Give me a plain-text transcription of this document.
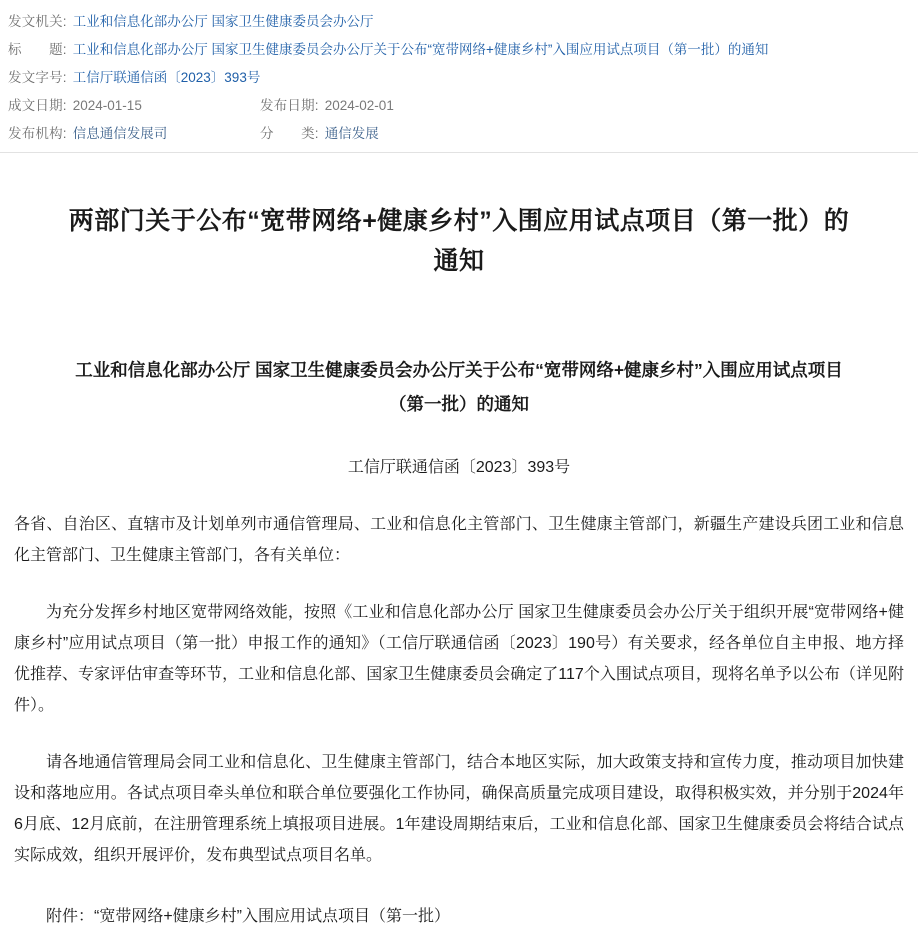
发文机关: 工业和信息化部办公厅 国家卫生健康委员会办公厅
标　　题: 工业和信息化部办公厅 国家卫生健康委员会办公厅关于公布“宽带网络+健康乡村”入围应用试点项目（第一批）的通知
发文字号: 工信厅联通信函〔2023〕393号
成文日期: 2024-01-15	发布日期: 2024-02-01
发布机构: 信息通信发展司	分　　类: 通信发展
两部门关于公布“宽带网络+健康乡村”入围应用试点项目（第一批）的通知
工业和信息化部办公厅 国家卫生健康委员会办公厅关于公布“宽带网络+健康乡村”入围应用试点项目（第一批）的通知
工信厅联通信函〔2023〕393号

各省、自治区、直辖市及计划单列市通信管理局、工业和信息化主管部门、卫生健康主管部门，新疆生产建设兵团工业和信息化主管部门、卫生健康主管部门，各有关单位：

为充分发挥乡村地区宽带网络效能，按照《工业和信息化部办公厅 国家卫生健康委员会办公厅关于组织开展“宽带网络+健康乡村”应用试点项目（第一批）申报工作的通知》（工信厅联通信函〔2023〕190号）有关要求，经各单位自主申报、地方择优推荐、专家评估审查等环节，工业和信息化部、国家卫生健康委员会确定了117个入围试点项目，现将名单予以公布（详见附件）。

请各地通信管理局会同工业和信息化、卫生健康主管部门，结合本地区实际，加大政策支持和宣传力度，推动项目加快建设和落地应用。各试点项目牵头单位和联合单位要强化工作协同，确保高质量完成项目建设，取得积极实效，并分别于2024年6月底、12月底前，在注册管理系统上填报项目进展。1年建设周期结束后，工业和信息化部、国家卫生健康委员会将结合试点实际成效，组织开展评价，发布典型试点项目名单。

附件：“宽带网络+健康乡村”入围应用试点项目（第一批）
